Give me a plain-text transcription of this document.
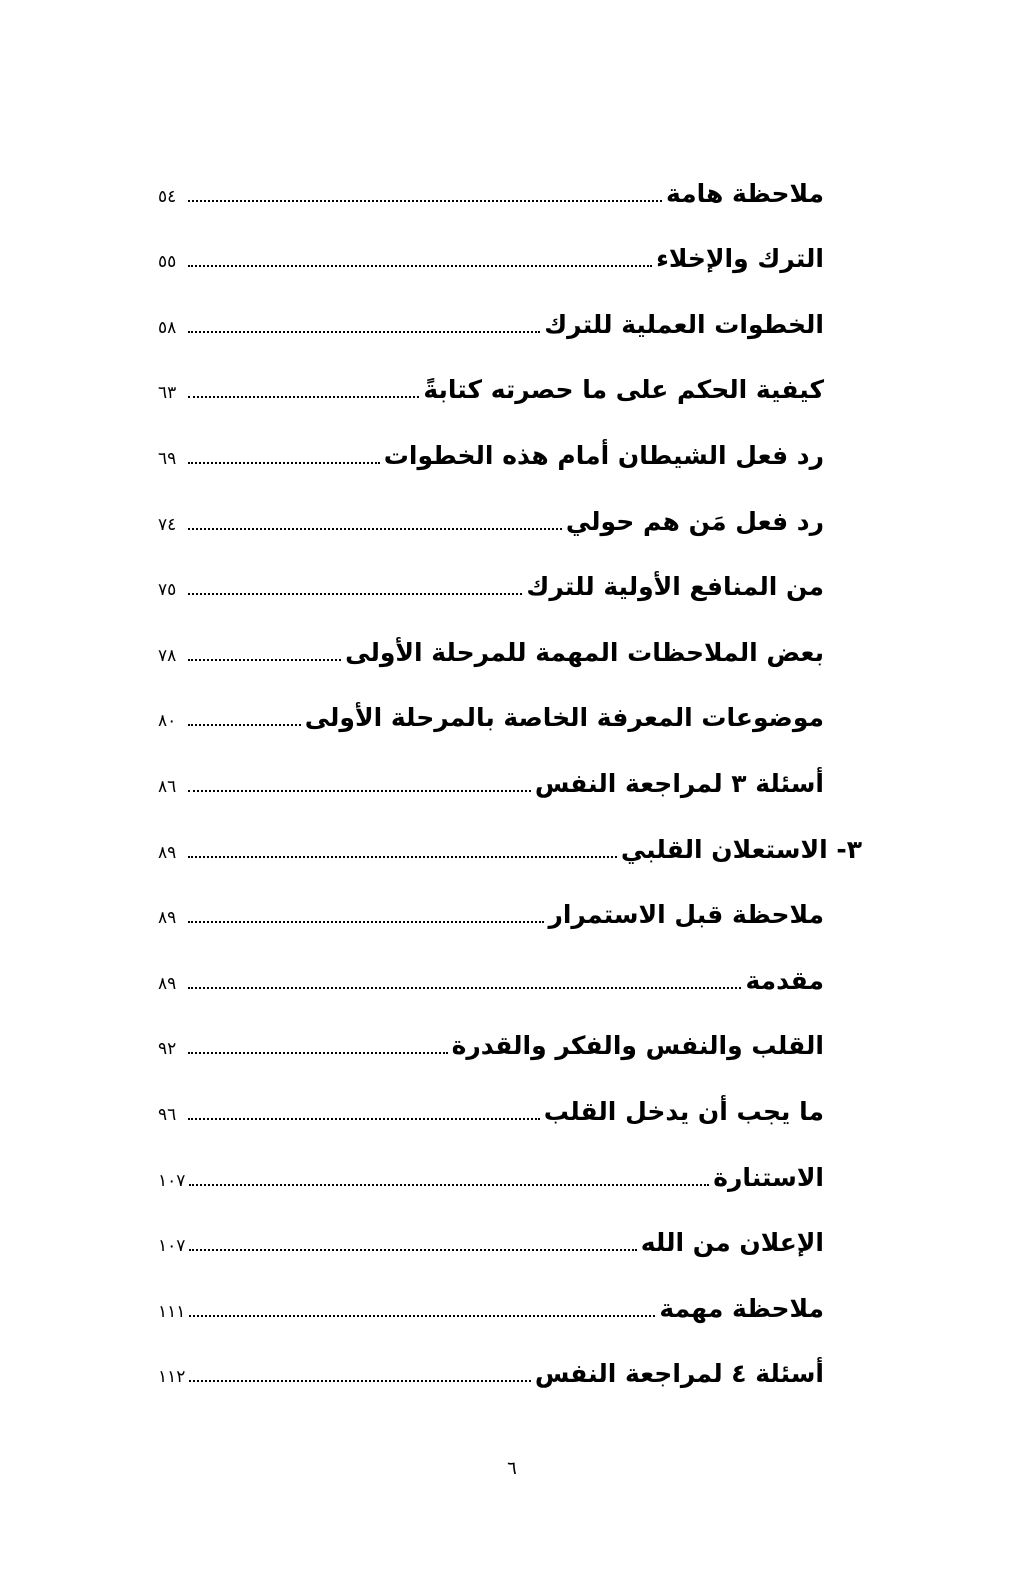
ملاحظة هامة
٥٤
الترك والإخلاء
٥٥
الخطوات العملية للترك
٥٨
كيفية الحكم على ما حصرته كتابةً
٦٣
رد فعل الشيطان أمام هذه الخطوات
٦٩
رد فعل مَن هم حولي
٧٤
من المنافع الأولية للترك
٧٥
بعض الملاحظات المهمة للمرحلة الأولى
٧٨
موضوعات المعرفة الخاصة بالمرحلة الأولى
٨٠
أسئلة ٣ لمراجعة النفس
٨٦
٣- الاستعلان القلبي
٨٩
ملاحظة قبل الاستمرار
٨٩
مقدمة
٨٩
القلب والنفس والفكر والقدرة
٩٢
ما يجب أن يدخل القلب
٩٦
الاستنارة
١٠٧
الإعلان من الله
١٠٧
ملاحظة مهمة
١١١
أسئلة ٤ لمراجعة النفس
١١٢
٦
